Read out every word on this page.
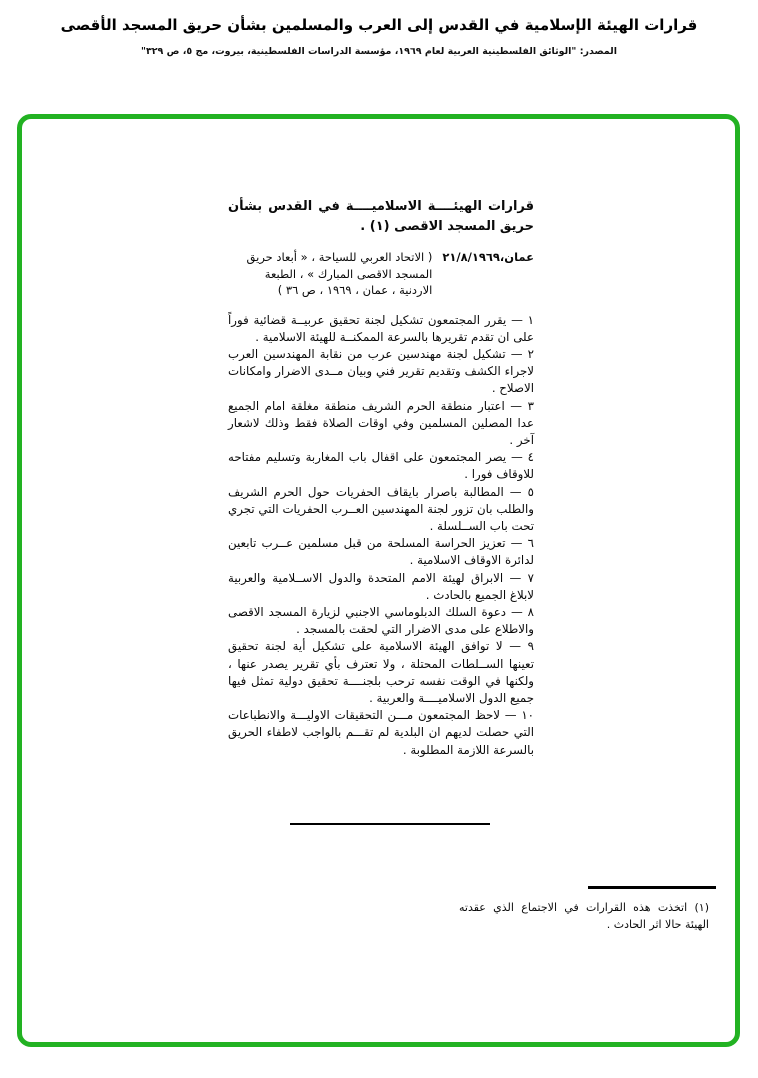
قرارات الهيئة الإسلامية في القدس إلى العرب والمسلمين بشأن حريق المسجد الأقصى

المصدر: "الوثائق الفلسطينية العربية لعام ١٩٦٩، مؤسسة الدراسات الفلسطينية، بيروت، مج ٥، ص ٣٢٩"

قرارات الهيئــــة الاسلاميــــة في القدس بشأن حريق المسجد الاقصى (١) .
عمان،٢١/٨/١٩٦٩
( الاتحاد العربي للسياحة ، « أبعاد حريق المسجد الاقصى المبارك » ، الطبعة الاردنية ، عمان ، ١٩٦٩ ، ص ٣٦ )

١ — يقرر المجتمعون تشكيل لجنة تحقيق عربيــة قضائية فوراً على ان تقدم تقريرها بالسرعة الممكنــة للهيئة الاسلامية .

٢ — تشكيل لجنة مهندسين عرب من نقابة المهندسين العرب لاجراء الكشف وتقديم تقرير فني وبيان مــدى الاضرار وامكانات الاصلاح .

٣ — اعتبار منطقة الحرم الشريف منطقة مغلقة امام الجميع عدا المصلين المسلمين وفي اوقات الصلاة فقط وذلك لاشعار آخر .

٤ — يصر المجتمعون على اقفال باب المغاربة وتسليم مفتاحه للاوقاف فورا .

٥ — المطالبة باصرار بايقاف الحفريات حول الحرم الشريف والطلب بان تزور لجنة المهندسين العــرب الحفريات التي تجري تحت باب الســلسلة .

٦ — تعزيز الحراسة المسلحة من قبل مسلمين عــرب تابعين لدائرة الاوقاف الاسلامية .

٧ — الابراق لهيئة الامم المتحدة والدول الاســلامية والعربية لابلاغ الجميع بالحادث .

٨ — دعوة السلك الدبلوماسي الاجنبي لزيارة المسجد الاقصى والاطلاع على مدى الاضرار التي لحقت بالمسجد .

٩ — لا توافق الهيئة الاسلامية على تشكيل أية لجنة تحقيق تعينها الســلطات المحتلة ، ولا تعترف بأي تقرير يصدر عنها ، ولكنها في الوقت نفسه ترحب بلجنــــة تحقيق دولية تمثل فيها جميع الدول الاسلاميــــة والعربية .

١٠ — لاحظ المجتمعون مـــن التحقيقات الاوليـــة والانطباعات التي حصلت لديهم ان البلدية لم تقـــم بالواجب لاطفاء الحريق بالسرعة اللازمة المطلوبة .

(١) اتخذت هذه القرارات في الاجتماع الذي عقدته الهيئة حالا اثر الحادث .
